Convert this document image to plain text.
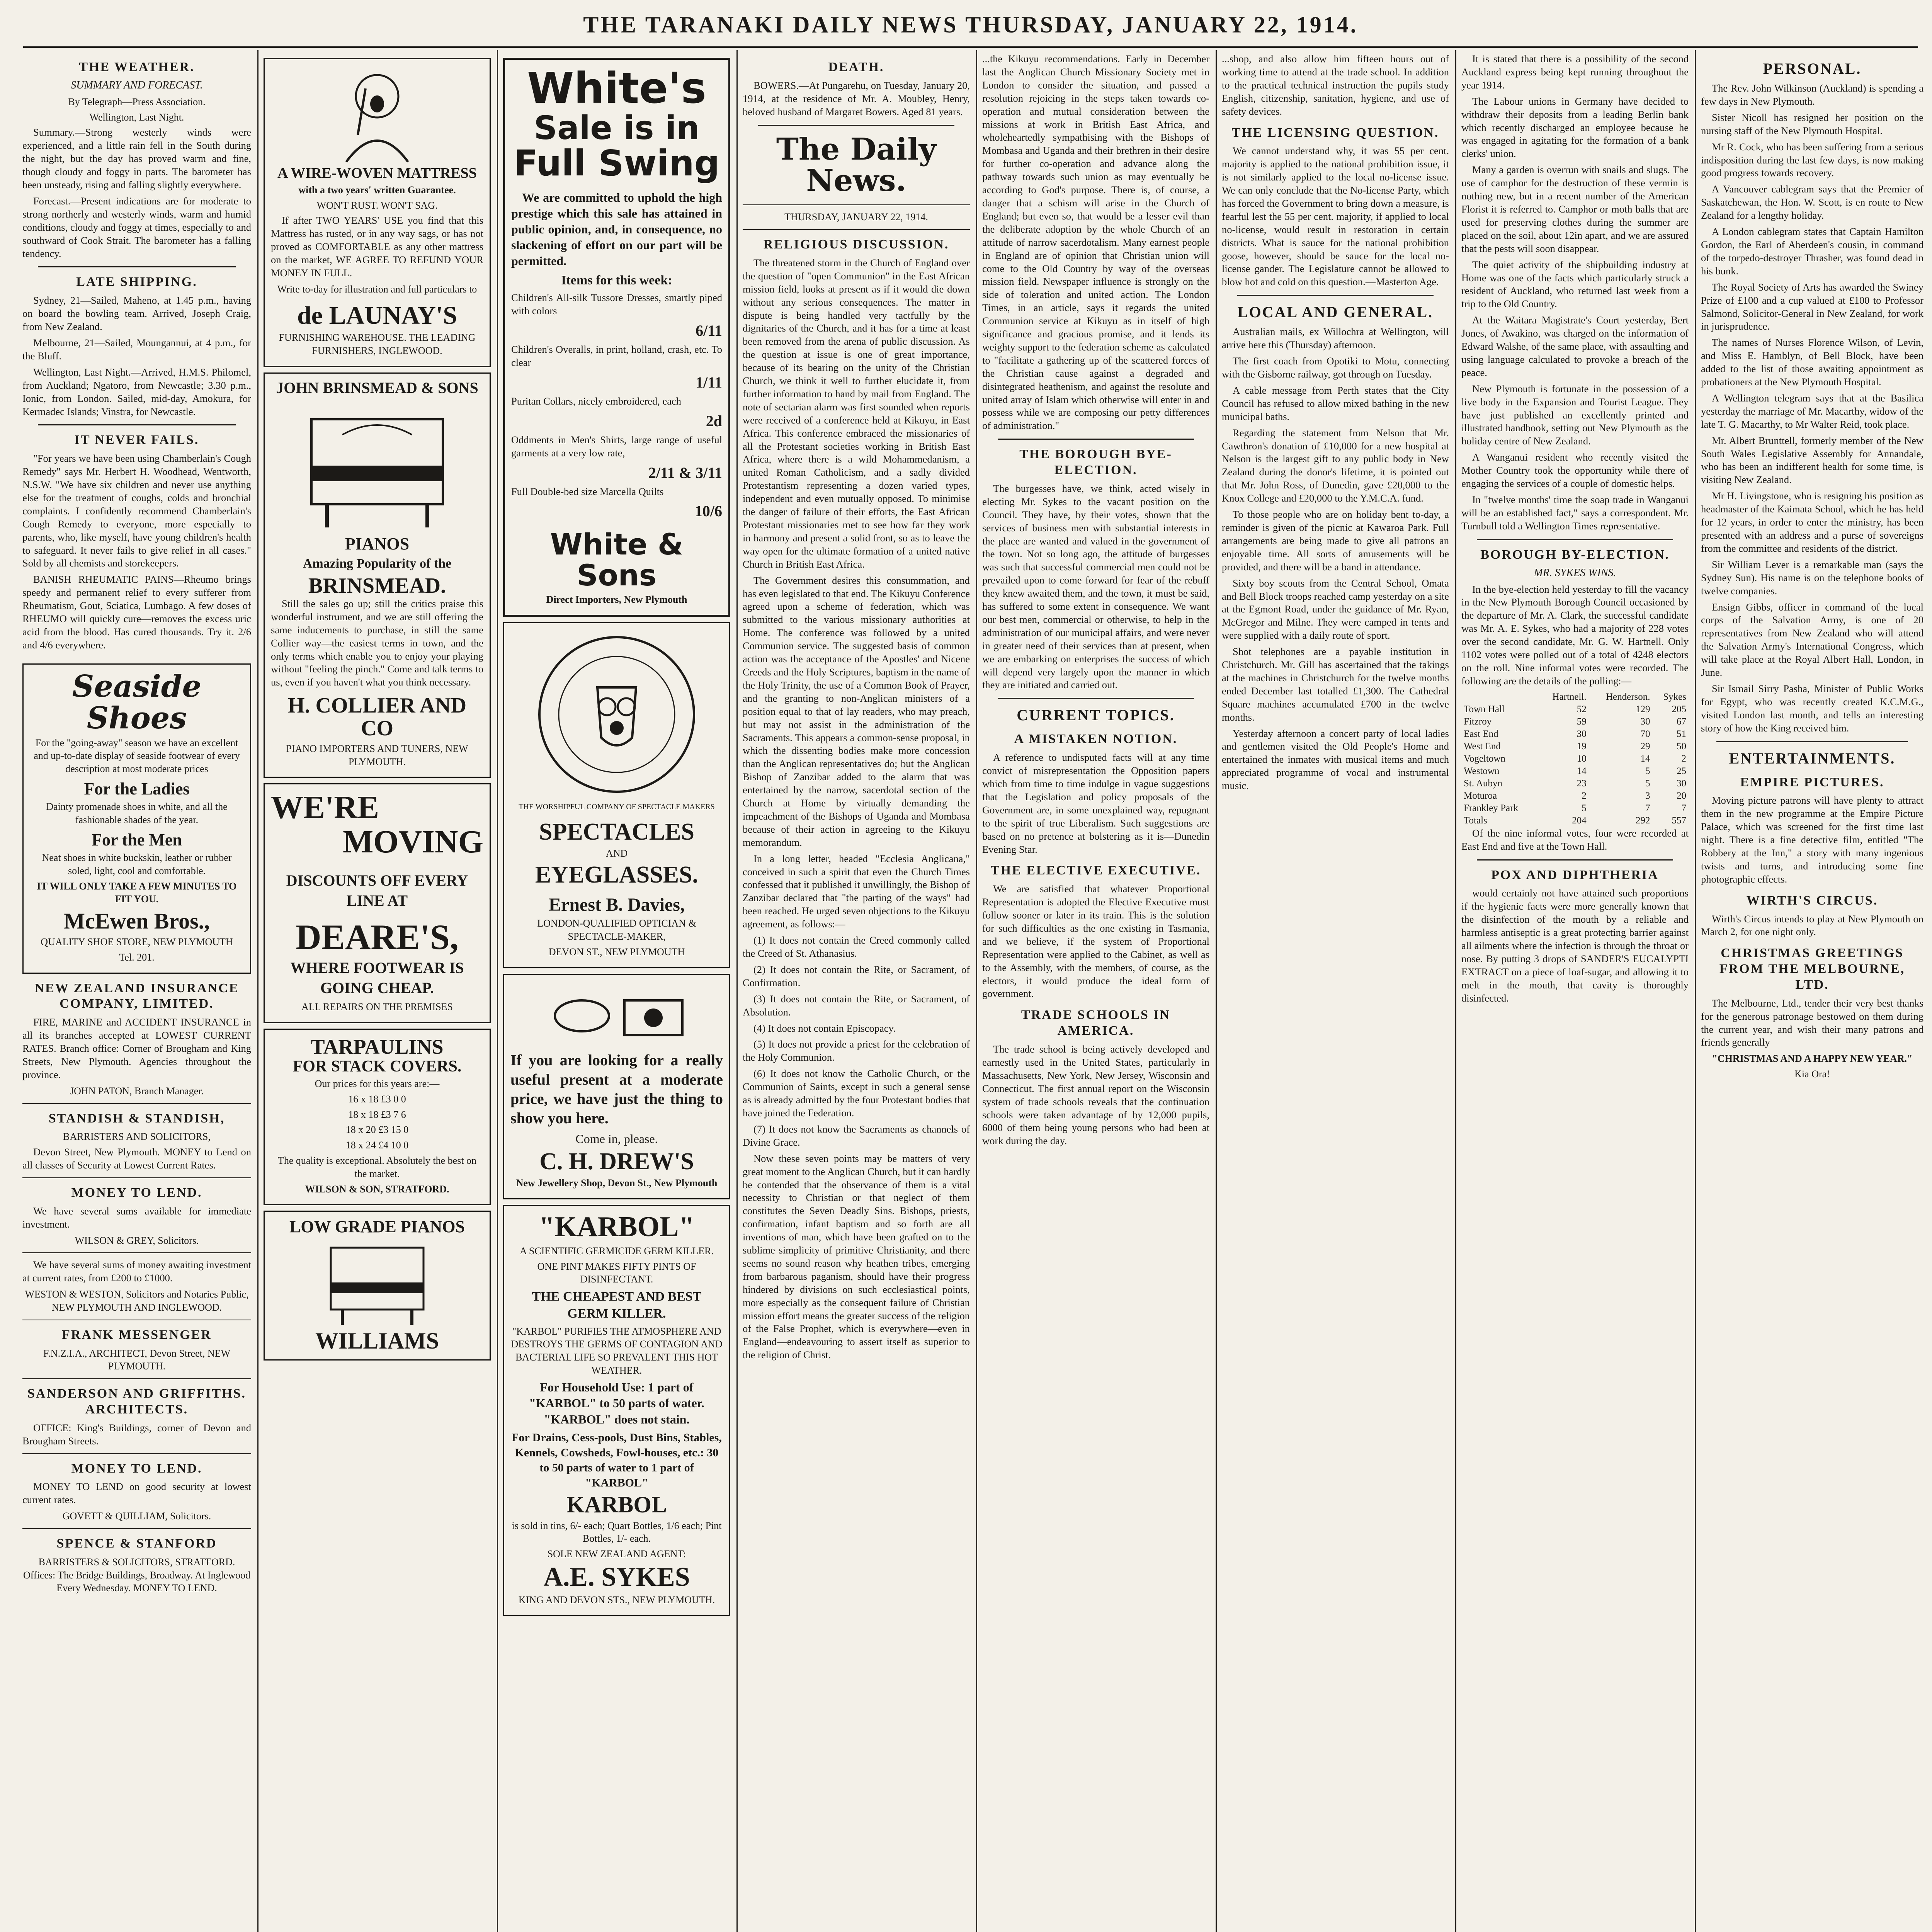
THE TARANAKI DAILY NEWS THURSDAY, JANUARY 22, 1914.
THE WEATHER.
SUMMARY AND FORECAST.

By Telegraph—Press Association.

Wellington, Last Night.

Summary.—Strong westerly winds were experienced, and a little rain fell in the South during the night, but the day has proved warm and fine, though cloudy and foggy in parts. The barometer has been unsteady, rising and falling slightly everywhere.

Forecast.—Present indications are for moderate to strong northerly and westerly winds, warm and humid conditions, cloudy and foggy at times, especially to and southward of Cook Strait. The barometer has a falling tendency.

LATE SHIPPING.

Sydney, 21—Sailed, Maheno, at 1.45 p.m., having on board the bowling team. Arrived, Joseph Craig, from New Zealand.

Melbourne, 21—Sailed, Moungannui, at 4 p.m., for the Bluff.

Wellington, Last Night.—Arrived, H.M.S. Philomel, from Auckland; Ngatoro, from Newcastle; 3.30 p.m., Ionic, from London. Sailed, mid-day, Amokura, for Kermadec Islands; Vinstra, for Newcastle.

IT NEVER FAILS.

"For years we have been using Chamberlain's Cough Remedy" says Mr. Herbert H. Woodhead, Wentworth, N.S.W. "We have six children and never use anything else for the treatment of coughs, colds and bronchial complaints. I confidently recommend Chamberlain's Cough Remedy to everyone, more especially to parents, who, like myself, have young children's health to safeguard. It never fails to give relief in all cases." Sold by all chemists and storekeepers.

BANISH RHEUMATIC PAINS—Rheumo brings speedy and permanent relief to every sufferer from Rheumatism, Gout, Sciatica, Lumbago. A few doses of RHEUMO will quickly cure—removes the excess uric acid from the blood. Has cured thousands. Try it. 2/6 and 4/6 everywhere.

Seaside Shoes

For the "going-away" season we have an excellent and up-to-date display of seaside footwear of every description at most moderate prices

For the Ladies

Dainty promenade shoes in white, and all the fashionable shades of the year.

For the Men

Neat shoes in white buckskin, leather or rubber soled, light, cool and comfortable.

IT WILL ONLY TAKE A FEW MINUTES TO FIT YOU.

McEwen Bros.,

QUALITY SHOE STORE, NEW PLYMOUTH

Tel. 201.

NEW ZEALAND INSURANCE COMPANY, LIMITED.

FIRE, MARINE and ACCIDENT INSURANCE in all its branches accepted at LOWEST CURRENT RATES. Branch office: Corner of Brougham and King Streets, New Plymouth. Agencies throughout the province.

JOHN PATON, Branch Manager.

STANDISH & STANDISH,

BARRISTERS AND SOLICITORS,

Devon Street, New Plymouth. MONEY to Lend on all classes of Security at Lowest Current Rates.

MONEY TO LEND.

We have several sums available for immediate investment.

WILSON & GREY, Solicitors.

We have several sums of money awaiting investment at current rates, from £200 to £1000.

WESTON & WESTON, Solicitors and Notaries Public, NEW PLYMOUTH AND INGLEWOOD.

FRANK MESSENGER

F.N.Z.I.A., ARCHITECT, Devon Street, NEW PLYMOUTH.

SANDERSON AND GRIFFITHS. ARCHITECTS.

OFFICE: King's Buildings, corner of Devon and Brougham Streets.

MONEY TO LEND.

MONEY TO LEND on good security at lowest current rates.

GOVETT & QUILLIAM, Solicitors.

SPENCE & STANFORD

BARRISTERS & SOLICITORS, STRATFORD. Offices: The Bridge Buildings, Broadway. At Inglewood Every Wednesday. MONEY TO LEND.

A WIRE-WOVEN MATTRESS

with a two years' written Guarantee.

WON'T RUST. WON'T SAG.

If after TWO YEARS' USE you find that this Mattress has rusted, or in any way sags, or has not proved as COMFORTABLE as any other mattress on the market, WE AGREE TO REFUND YOUR MONEY IN FULL.

Write to-day for illustration and full particulars to

de LAUNAY'S

FURNISHING WAREHOUSE. THE LEADING FURNISHERS, INGLEWOOD.

JOHN BRINSMEAD & SONS
PIANOS

Amazing Popularity of the

BRINSMEAD.

Still the sales go up; still the critics praise this wonderful instrument, and we are still offering the same inducements to purchase, in still the same Collier way—the easiest terms in town, and the only terms which enable you to enjoy your playing without "feeling the pinch." Come and talk terms to us, even if you haven't what you think necessary.

H. COLLIER AND CO

PIANO IMPORTERS AND TUNERS, NEW PLYMOUTH.

WE'RE
MOVING

DISCOUNTS OFF EVERY LINE AT

DEARE'S,

WHERE FOOTWEAR IS GOING CHEAP.

ALL REPAIRS ON THE PREMISES

TARPAULINS
FOR STACK COVERS.

Our prices for this years are:—

16 x 18 £3 0 0

18 x 18 £3 7 6

18 x 20 £3 15 0

18 x 24 £4 10 0

The quality is exceptional. Absolutely the best on the market.

WILSON & SON, STRATFORD.

LOW GRADE PIANOS
WILLIAMS
White's
Sale is in
Full Swing

We are committed to uphold the high prestige which this sale has attained in public opinion, and, in consequence, no slackening of effort on our part will be permitted.

Items for this week:

Children's All-silk Tussore Dresses, smartly piped with colors

6/11

Children's Overalls, in print, holland, crash, etc. To clear

1/11

Puritan Collars, nicely embroidered, each

2d

Oddments in Men's Shirts, large range of useful garments at a very low rate,

2/11 & 3/11

Full Double-bed size Marcella Quilts

10/6

White & Sons

Direct Importers, New Plymouth

THE WORSHIPFUL COMPANY OF SPECTACLE MAKERS

SPECTACLES

AND

EYEGLASSES.
Ernest B. Davies,

LONDON-QUALIFIED OPTICIAN & SPECTACLE-MAKER,

DEVON ST., NEW PLYMOUTH

If you are looking for a really useful present at a moderate price, we have just the thing to show you here.

Come in, please.

C. H. DREW'S

New Jewellery Shop, Devon St., New Plymouth

"KARBOL"

A SCIENTIFIC GERMICIDE GERM KILLER.

ONE PINT MAKES FIFTY PINTS OF DISINFECTANT.

THE CHEAPEST AND BEST GERM KILLER.

"KARBOL" PURIFIES THE ATMOSPHERE AND DESTROYS THE GERMS OF CONTAGION AND BACTERIAL LIFE SO PREVALENT THIS HOT WEATHER.

For Household Use: 1 part of "KARBOL" to 50 parts of water. "KARBOL" does not stain.

For Drains, Cess-pools, Dust Bins, Stables, Kennels, Cowsheds, Fowl-houses, etc.: 30 to 50 parts of water to 1 part of "KARBOL"

KARBOL

is sold in tins, 6/- each; Quart Bottles, 1/6 each; Pint Bottles, 1/- each.

SOLE NEW ZEALAND AGENT:

A.E. SYKES

KING AND DEVON STS., NEW PLYMOUTH.

DEATH.

BOWERS.—At Pungarehu, on Tuesday, January 20, 1914, at the residence of Mr. A. Moubley, Henry, beloved husband of Margaret Bowers. Aged 81 years.

The Daily News.

THURSDAY, JANUARY 22, 1914.

RELIGIOUS DISCUSSION.

The threatened storm in the Church of England over the question of "open Communion" in the East African mission field, looks at present as if it would die down without any serious consequences. The matter in dispute is being handled very tactfully by the dignitaries of the Church, and it has for a time at least been removed from the arena of public discussion. As the question at issue is one of great importance, because of its bearing on the unity of the Christian Church, we think it well to further elucidate it, from further information to hand by mail from England. The note of sectarian alarm was first sounded when reports were received of a conference held at Kikuyu, in East Africa. This conference embraced the missionaries of all the Protestant societies working in British East Africa, where there is a wild Mohammedanism, a united Roman Catholicism, and a sadly divided Protestantism representing a dozen varied types, independent and even mutually opposed. To minimise the danger of failure of their efforts, the East African Protestant missionaries met to see how far they work in harmony and present a solid front, so as to leave the way open for the ultimate formation of a united native Church in British East Africa.

The Government desires this consummation, and has even legislated to that end. The Kikuyu Conference agreed upon a scheme of federation, which was submitted to the various missionary authorities at Home. The conference was followed by a united Communion service. The suggested basis of common action was the acceptance of the Apostles' and Nicene Creeds and the Holy Scriptures, baptism in the name of the Holy Trinity, the use of a Common Book of Prayer, and the granting to non-Anglican ministers of a position equal to that of lay readers, who may preach, but may not assist in the administration of the Sacraments. This appears a common-sense proposal, in which the dissenting bodies make more concession than the Anglican representatives do; but the Anglican Bishop of Zanzibar added to the alarm that was entertained by the narrow, sacerdotal section of the Church at Home by virtually demanding the impeachment of the Bishops of Uganda and Mombasa because of their action in agreeing to the Kikuyu memorandum.

In a long letter, headed "Ecclesia Anglicana," conceived in such a spirit that even the Church Times confessed that it published it unwillingly, the Bishop of Zanzibar declared that "the parting of the ways" had been reached. He urged seven objections to the Kikuyu agreement, as follows:—

(1) It does not contain the Creed commonly called the Creed of St. Athanasius.

(2) It does not contain the Rite, or Sacrament, of Confirmation.

(3) It does not contain the Rite, or Sacrament, of Absolution.

(4) It does not contain Episcopacy.

(5) It does not provide a priest for the celebration of the Holy Communion.

(6) It does not know the Catholic Church, or the Communion of Saints, except in such a general sense as is already admitted by the four Protestant bodies that have joined the Federation.

(7) It does not know the Sacraments as channels of Divine Grace.

Now these seven points may be matters of very great moment to the Anglican Church, but it can hardly be contended that the observance of them is a vital necessity to Christian or that neglect of them constitutes the Seven Deadly Sins. Bishops, priests, confirmation, infant baptism and so forth are all inventions of man, which have been grafted on to the sublime simplicity of primitive Christianity, and there seems no sound reason why heathen tribes, emerging from barbarous paganism, should have their progress hindered by divisions on such ecclesiastical points, more especially as the consequent failure of Christian mission effort means the greater success of the religion of the False Prophet, which is everywhere—even in England—endeavouring to assert itself as superior to the religion of Christ.

...the Kikuyu recommendations. Early in December last the Anglican Church Missionary Society met in London to consider the situation, and passed a resolution rejoicing in the steps taken towards co-operation and mutual consideration between the missions at work in British East Africa, and wholeheartedly sympathising with the Bishops of Mombasa and Uganda and their brethren in their desire for further co-operation and advance along the pathway towards such union as may eventually be according to God's purpose. There is, of course, a danger that a schism will arise in the Church of England; but even so, that would be a lesser evil than the deliberate adoption by the whole Church of an attitude of narrow sacerdotalism. Many earnest people in England are of opinion that Christian union will come to the Old Country by way of the overseas mission field. Newspaper influence is strongly on the side of toleration and united action. The London Times, in an article, says it regards the united Communion service at Kikuyu as in itself of high significance and gracious promise, and it lends its weighty support to the federation scheme as calculated to "facilitate a gathering up of the scattered forces of the Christian cause against a degraded and disintegrated heathenism, and against the resolute and united array of Islam which otherwise will enter in and possess while we are composing our petty differences of administration."

THE BOROUGH BYE-ELECTION.

The burgesses have, we think, acted wisely in electing Mr. Sykes to the vacant position on the Council. They have, by their votes, shown that the services of business men with substantial interests in the place are wanted and valued in the government of the town. Not so long ago, the attitude of burgesses was such that successful commercial men could not be prevailed upon to come forward for fear of the rebuff they knew awaited them, and the town, it must be said, has suffered to some extent in consequence. We want our best men, commercial or otherwise, to help in the administration of our municipal affairs, and were never in greater need of their services than at present, when we are embarking on enterprises the success of which will depend very largely upon the manner in which they are initiated and carried out.

CURRENT TOPICS.
A MISTAKEN NOTION.

A reference to undisputed facts will at any time convict of misrepresentation the Opposition papers which from time to time indulge in vague suggestions that the Legislation and policy proposals of the Government are, in some unexplained way, repugnant to the spirit of true Liberalism. Such suggestions are based on no pretence at bolstering as it is—Dunedin Evening Star.

THE ELECTIVE EXECUTIVE.

We are satisfied that whatever Proportional Representation is adopted the Elective Executive must follow sooner or later in its train. This is the solution for such difficulties as the one existing in Tasmania, and we believe, if the system of Proportional Representation were applied to the Cabinet, as well as to the Assembly, with the members, of course, as the electors, it would produce the ideal form of government.

TRADE SCHOOLS IN AMERICA.

The trade school is being actively developed and earnestly used in the United States, particularly in Massachusetts, New York, New Jersey, Wisconsin and Connecticut. The first annual report on the Wisconsin system of trade schools reveals that the continuation schools were taken advantage of by 12,000 pupils, 6000 of them being young persons who had been at work during the day.

...shop, and also allow him fifteen hours out of working time to attend at the trade school. In addition to the practical technical instruction the pupils study English, citizenship, sanitation, hygiene, and use of safety devices.

THE LICENSING QUESTION.

We cannot understand why, it was 55 per cent. majority is applied to the national prohibition issue, it is not similarly applied to the local no-license issue. We can only conclude that the No-license Party, which has forced the Government to bring down a measure, is fearful lest the 55 per cent. majority, if applied to local no-license, would result in restoration in certain districts. What is sauce for the national prohibition goose, however, should be sauce for the local no-license gander. The Legislature cannot be allowed to blow hot and cold on this question.—Masterton Age.

LOCAL AND GENERAL.

Australian mails, ex Willochra at Wellington, will arrive here this (Thursday) afternoon.

The first coach from Opotiki to Motu, connecting with the Gisborne railway, got through on Tuesday.

A cable message from Perth states that the City Council has refused to allow mixed bathing in the new municipal baths.

Regarding the statement from Nelson that Mr. Cawthron's donation of £10,000 for a new hospital at Nelson is the largest gift to any public body in New Zealand during the donor's lifetime, it is pointed out that Mr. John Ross, of Dunedin, gave £20,000 to the Knox College and £20,000 to the Y.M.C.A. fund.

To those people who are on holiday bent to-day, a reminder is given of the picnic at Kawaroa Park. Full arrangements are being made to give all patrons an enjoyable time. All sorts of amusements will be provided, and there will be a band in attendance.

Sixty boy scouts from the Central School, Omata and Bell Block troops reached camp yesterday on a site at the Egmont Road, under the guidance of Mr. Ryan, McGregor and Milne. They were camped in tents and were supplied with a daily route of sport.

Shot telephones are a payable institution in Christchurch. Mr. Gill has ascertained that the takings at the machines in Christchurch for the twelve months ended December last totalled £1,300. The Cathedral Square machines accumulated £700 in the twelve months.

Yesterday afternoon a concert party of local ladies and gentlemen visited the Old People's Home and entertained the inmates with musical items and much appreciated programme of vocal and instrumental music.

It is stated that there is a possibility of the second Auckland express being kept running throughout the year 1914.

The Labour unions in Germany have decided to withdraw their deposits from a leading Berlin bank which recently discharged an employee because he was engaged in agitating for the formation of a bank clerks' union.

Many a garden is overrun with snails and slugs. The use of camphor for the destruction of these vermin is nothing new, but in a recent number of the American Florist it is referred to. Camphor or moth balls that are used for preserving clothes during the summer are placed on the soil, about 12in apart, and we are assured that the pests will soon disappear.

The quiet activity of the shipbuilding industry at Home was one of the facts which particularly struck a resident of Auckland, who returned last week from a trip to the Old Country.

At the Waitara Magistrate's Court yesterday, Bert Jones, of Awakino, was charged on the information of Edward Walshe, of the same place, with assaulting and using language calculated to provoke a breach of the peace.

New Plymouth is fortunate in the possession of a live body in the Expansion and Tourist League. They have just published an excellently printed and illustrated handbook, setting out New Plymouth as the holiday centre of New Zealand.

A Wanganui resident who recently visited the Mother Country took the opportunity while there of engaging the services of a couple of domestic helps.

In "twelve months' time the soap trade in Wanganui will be an established fact," says a correspondent. Mr. Turnbull told a Wellington Times representative.

BOROUGH BY-ELECTION.
MR. SYKES WINS.

In the bye-election held yesterday to fill the vacancy in the New Plymouth Borough Council occasioned by the departure of Mr. A. Clark, the successful candidate was Mr. A. E. Sykes, who had a majority of 228 votes over the second candidate, Mr. G. W. Hartnell. Only 1102 votes were polled out of a total of 4248 electors on the roll. Nine informal votes were recorded. The following are the details of the polling:—

	Hartnell.	Henderson.	Sykes
Town Hall	52	129	205
Fitzroy	59	30	67
East End	30	70	51
West End	19	29	50
Vogeltown	10	14	2
Westown	14	5	25
St. Aubyn	23	5	30
Moturoa	2	3	20
Frankley Park	5	7	7
Totals	204	292	557

Of the nine informal votes, four were recorded at East End and five at the Town Hall.

POX AND DIPHTHERIA

would certainly not have attained such proportions if the hygienic facts were more generally known that the disinfection of the mouth by a reliable and harmless antiseptic is a great protecting barrier against all ailments where the infection is through the throat or nose. By putting 3 drops of SANDER'S EUCALYPTI EXTRACT on a piece of loaf-sugar, and allowing it to melt in the mouth, that cavity is thoroughly disinfected.

PERSONAL.

The Rev. John Wilkinson (Auckland) is spending a few days in New Plymouth.

Sister Nicoll has resigned her position on the nursing staff of the New Plymouth Hospital.

Mr R. Cock, who has been suffering from a serious indisposition during the last few days, is now making good progress towards recovery.

A Vancouver cablegram says that the Premier of Saskatchewan, the Hon. W. Scott, is en route to New Zealand for a lengthy holiday.

A London cablegram states that Captain Hamilton Gordon, the Earl of Aberdeen's cousin, in command of the torpedo-destroyer Thrasher, was found dead in his bunk.

The Royal Society of Arts has awarded the Swiney Prize of £100 and a cup valued at £100 to Professor Salmond, Solicitor-General in New Zealand, for work in jurisprudence.

The names of Nurses Florence Wilson, of Levin, and Miss E. Hamblyn, of Bell Block, have been added to the list of those awaiting appointment as probationers at the New Plymouth Hospital.

A Wellington telegram says that at the Basilica yesterday the marriage of Mr. Macarthy, widow of the late T. G. Macarthy, to Mr Walter Reid, took place.

Mr. Albert Brunttell, formerly member of the New South Wales Legislative Assembly for Annandale, who has been an indifferent health for some time, is visiting New Zealand.

Mr H. Livingstone, who is resigning his position as headmaster of the Kaimata School, which he has held for 12 years, in order to enter the ministry, has been presented with an address and a purse of sovereigns from the committee and residents of the district.

Sir William Lever is a remarkable man (says the Sydney Sun). His name is on the telephone books of twelve companies.

Ensign Gibbs, officer in command of the local corps of the Salvation Army, is one of 20 representatives from New Zealand who will attend the Salvation Army's International Congress, which will take place at the Royal Albert Hall, London, in June.

Sir Ismail Sirry Pasha, Minister of Public Works for Egypt, who was recently created K.C.M.G., visited London last month, and tells an interesting story of how the King received him.

ENTERTAINMENTS.
EMPIRE PICTURES.

Moving picture patrons will have plenty to attract them in the new programme at the Empire Picture Palace, which was screened for the first time last night. There is a fine detective film, entitled "The Robbery at the Inn," a story with many ingenious twists and turns, and introducing some fine photographic effects.

WIRTH'S CIRCUS.

Wirth's Circus intends to play at New Plymouth on March 2, for one night only.

CHRISTMAS GREETINGS FROM THE MELBOURNE, LTD.

The Melbourne, Ltd., tender their very best thanks for the generous patronage bestowed on them during the current year, and wish their many patrons and friends generally

"CHRISTMAS AND A HAPPY NEW YEAR."

Kia Ora!
